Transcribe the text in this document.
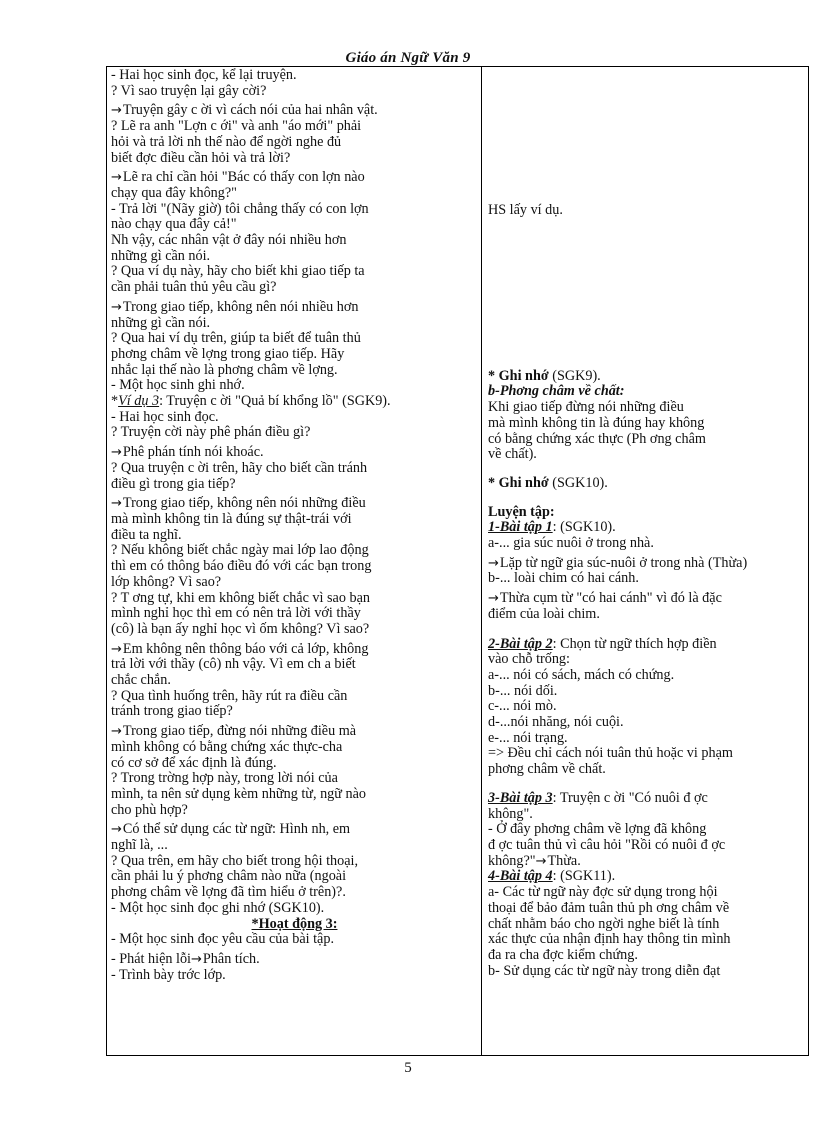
Giáo án Ngữ Văn 9
- Hai học sinh đọc, kể lại truyện.
? Vì sao truyện lại gây cời?
→Truyện gây c ời vì cách nói của hai nhân vật.
? Lẽ ra anh "Lợn c ới" và anh "áo mới" phải
hỏi và trả lời nh thế nào để ngời nghe đủ
biết đợc điều cần hỏi và trả lời?
→Lẽ ra chỉ cần hỏi "Bác có thấy con lợn nào
chạy qua đây không?"
- Trả lời "(Nãy giờ) tôi chẳng thấy có con lợn
nào chạy qua đây cả!"
Nh vậy, các nhân vật ở đây nói nhiều hơn
những gì cần nói.
? Qua ví dụ này, hãy cho biết khi giao tiếp ta
cần phải tuân thủ yêu cầu gì?
→Trong giao tiếp, không nên nói nhiều hơn
những gì cần nói.
? Qua hai ví dụ trên, giúp ta biết để tuân thủ
phơng châm về lợng trong giao tiếp. Hãy
nhắc lại thế nào là phơng châm về lợng.
- Một học sinh ghi nhớ.
*Ví dụ 3: Truyện c ời "Quả bí khổng lồ" (SGK9).
- Hai học sinh đọc.
? Truyện cời này phê phán điều gì?
→Phê phán tính nói khoác.
? Qua truyện c ời trên, hãy cho biết cần tránh
điều gì trong gia tiếp?
→Trong giao tiếp, không nên nói những điều
mà mình không tin là đúng sự thật-trái với
điều ta nghĩ.
? Nếu không biết chắc ngày mai lớp lao động
thì em có thông báo điều đó với các bạn trong
lớp không? Vì sao?
? T ơng tự, khi em không biết chắc vì sao bạn
mình nghỉ học thì em có nên trả lời với thầy
(cô) là bạn ấy nghỉ học vì ốm không? Vì sao?
→Em không nên thông báo với cả lớp, không
trả lời với thầy (cô) nh vậy. Vì em ch a biết
chắc chắn.
? Qua tình huống trên, hãy rút ra điều cần
tránh trong giao tiếp?
→Trong giao tiếp, đừng nói những điều mà
mình không có bằng chứng xác thực-cha
có cơ sở để xác định là đúng.
? Trong trờng hợp này, trong lời nói của
mình, ta nên sử dụng kèm những từ, ngữ nào
cho phù hợp?
→Có thể sử dụng các từ ngữ: Hình nh, em
nghĩ là, ...
? Qua trên, em hãy cho biết trong hội thoại,
cần phải lu ý phơng châm nào nữa (ngoài
phơng châm về lợng đã tìm hiểu ở trên)?.
- Một học sinh đọc ghi nhớ (SGK10).
*Hoạt động 3:
- Một học sinh đọc yêu cầu của bài tập.
- Phát hiện lỗi→Phân tích.
- Trình bày trớc lớp.
HS lấy ví dụ.
* Ghi nhớ (SGK9).
b-Phơng châm về chất:
Khi giao tiếp đừng nói những điều
mà mình không tin là đúng hay không
có bằng chứng xác thực (Ph ơng châm
về chất).
* Ghi nhớ (SGK10).
Luyện tập:
1-Bài tập 1: (SGK10).
a-... gia súc nuôi ở trong nhà.
→Lặp từ ngữ gia súc-nuôi ở trong nhà (Thừa)
b-... loài chim có hai cánh.
→Thừa cụm từ "có hai cánh" vì đó là đặc
điểm của loài chim.
2-Bài tập 2: Chọn từ ngữ thích hợp điền
vào chỗ trống:
a-... nói có sách, mách có chứng.
b-... nói dối.
c-... nói mò.
d-...nói nhăng, nói cuội.
e-... nói trạng.
=> Đều chỉ cách nói tuân thủ hoặc vi phạm
phơng châm về chất.
3-Bài tập 3: Truyện c ời "Có nuôi đ ợc
không".
- Ở đây phơng châm về lợng đã không
đ ợc tuân thủ vì câu hỏi "Rồi có nuôi đ ợc
không?"→Thừa.
4-Bài tập 4: (SGK11).
a- Các từ ngữ này đợc sử dụng trong hội
thoại để bảo đảm tuân thủ ph ơng châm về
chất nhằm báo cho ngời nghe biết là tính
xác thực của nhận định hay thông tin mình
đa ra cha đợc kiểm chứng.
b- Sử dụng các từ ngữ này trong diễn đạt
5
